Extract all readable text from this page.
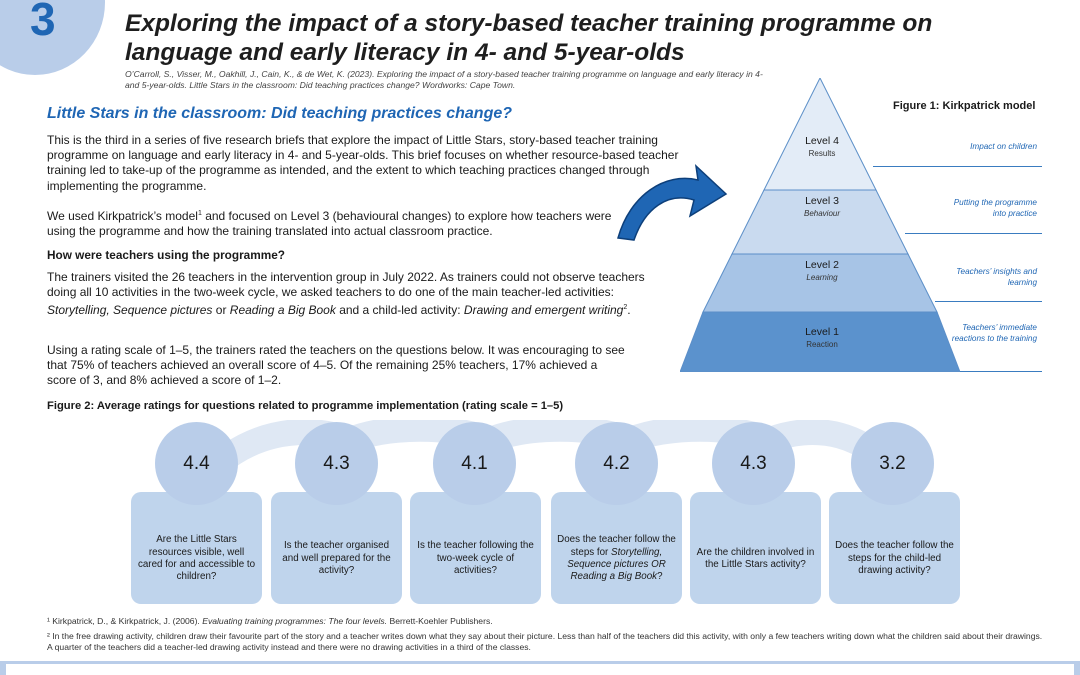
3	Exploring the impact of a story-based teacher training programme on language and early literacy in 4- and 5-year-olds
O’Carroll, S., Visser, M., Oakhill, J., Cain, K., & de Wet, K. (2023). Exploring the impact of a story-based teacher training programme on language and early literacy in 4- and 5-year-olds. Little Stars in the classroom: Did teaching practices change? Wordworks: Cape Town.
Little Stars in the classroom: Did teaching practices change?
This is the third in a series of five research briefs that explore the impact of Little Stars, story-based teacher training programme on language and early literacy in 4- and 5-year-olds. This brief focuses on whether resource-based teacher training led to take-up of the programme as intended, and the extent to which teaching practices changed through implementing the programme.
We used Kirkpatrick’s model$^1$ and focused on Level 3 (behavioural changes) to explore how teachers were using the programme and how the training translated into actual classroom practice.
How were teachers using the programme?
The trainers visited the 26 teachers in the intervention group in July 2022. As trainers could not observe teachers doing all 10 activities in the two-week cycle, we asked teachers to do one of the main teacher-led activities: Storytelling, Sequence pictures or Reading a Big Book and a child-led activity: Drawing and emergent writing$^2$.
Using a rating scale of 1–5, the trainers rated the teachers on the questions below. It was encouraging to see that 75% of teachers achieved an overall score of 4–5. Of the remaining 25% teachers, 17% achieved a score of 3, and 8% achieved a score of 1–2.
Figure 2: Average ratings for questions related to programme implementation (rating scale = 1–5)
Figure 1: Kirkpatrick model
Level 4
Results
Level 3
Behaviour
Level 2
Learning
Level 1
Reaction
Impact on children
Putting the programme into practice
Teachers’ insights and learning
Teachers’ immediate reactions to the training
Are the Little Stars resources visible, well cared for and accessible to children?
4.4
Is the teacher organised and well prepared for the activity?
4.3
Is the teacher following the two-week cycle of activities?
4.1
Does the teacher follow the steps for Storytelling, Sequence pictures OR Reading a Big Book?
4.2
Are the children involved in the Little Stars activity?
4.3
Does the teacher follow the steps for the child-led drawing activity?
3.2
¹ Kirkpatrick, D., & Kirkpatrick, J. (2006). Evaluating training programmes: The four levels. Berrett-Koehler Publishers.
² In the free drawing activity, children draw their favourite part of the story and a teacher writes down what they say about their picture. Less than half of the teachers did this activity, with only a few teachers writing down what the children said about their drawings. A quarter of the teachers did a teacher-led drawing activity instead and there were no drawing activities in a third of the classes.
